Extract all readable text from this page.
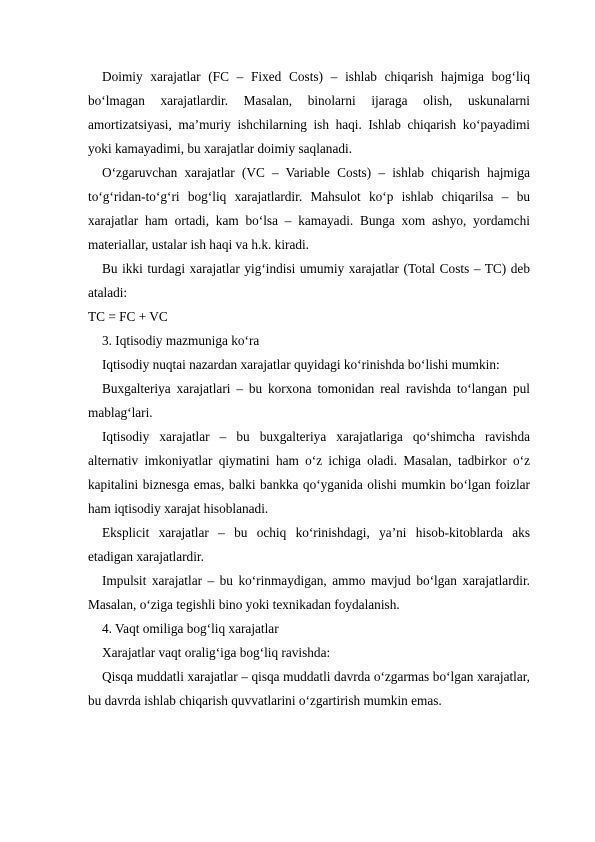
Doimiy xarajatlar (FC – Fixed Costs) – ishlab chiqarish hajmiga bog‘liq bo‘lmagan xarajatlardir. Masalan, binolarni ijaraga olish, uskunalarni amortizatsiyasi, ma’muriy ishchilarning ish haqi. Ishlab chiqarish ko‘payadimi yoki kamayadimi, bu xarajatlar doimiy saqlanadi.

O‘zgaruvchan xarajatlar (VC – Variable Costs) – ishlab chiqarish hajmiga to‘g‘ridan-to‘g‘ri bog‘liq xarajatlardir. Mahsulot ko‘p ishlab chiqarilsa – bu xarajatlar ham ortadi, kam bo‘lsa – kamayadi. Bunga xom ashyo, yordamchi materiallar, ustalar ish haqi va h.k. kiradi.

Bu ikki turdagi xarajatlar yig‘indisi umumiy xarajatlar (Total Costs – TC) deb ataladi:

TC = FC + VC

3. Iqtisodiy mazmuniga ko‘ra

Iqtisodiy nuqtai nazardan xarajatlar quyidagi ko‘rinishda bo‘lishi mumkin:

Buxgalteriya xarajatlari – bu korxona tomonidan real ravishda to‘langan pul mablag‘lari.

Iqtisodiy xarajatlar – bu buxgalteriya xarajatlariga qo‘shimcha ravishda alternativ imkoniyatlar qiymatini ham o‘z ichiga oladi. Masalan, tadbirkor o‘z kapitalini biznesga emas, balki bankka qo‘yganida olishi mumkin bo‘lgan foizlar ham iqtisodiy xarajat hisoblanadi.

Eksplicit xarajatlar – bu ochiq ko‘rinishdagi, ya’ni hisob-kitoblarda aks etadigan xarajatlardir.

Impulsit xarajatlar – bu ko‘rinmaydigan, ammo mavjud bo‘lgan xarajatlardir. Masalan, o‘ziga tegishli bino yoki texnikadan foydalanish.

4. Vaqt omiliga bog‘liq xarajatlar

Xarajatlar vaqt oralig‘iga bog‘liq ravishda:

Qisqa muddatli xarajatlar – qisqa muddatli davrda o‘zgarmas bo‘lgan xarajatlar, bu davrda ishlab chiqarish quvvatlarini o‘zgartirish mumkin emas.
